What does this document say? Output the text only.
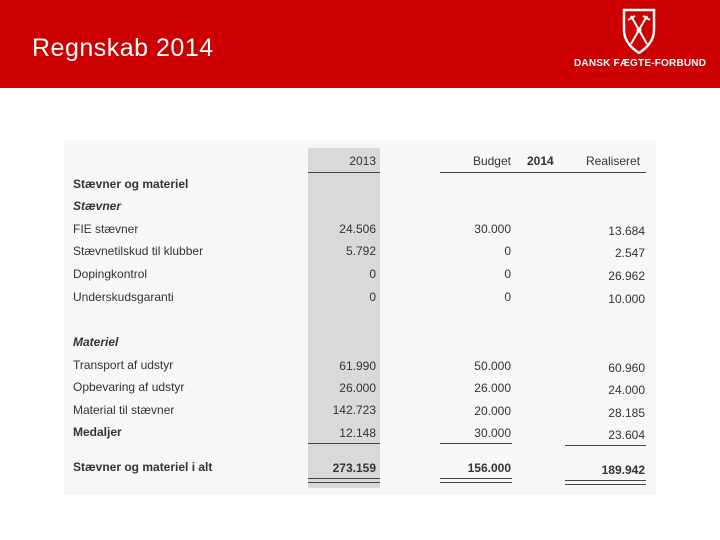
Regnskab 2014
DANSK FÆGTE-FORBUND
2013	Budget 2014	Realiseret
Stævner og materiel
Stævner
FIE stævner	24.506	30.000	13.684
Stævnetilskud til klubber	5.792	0	2.547
Dopingkontrol	0	0	26.962
Underskudsgaranti	0	0	10.000
Materiel
Transport af udstyr	61.990	50.000	60.960
Opbevaring af udstyr	26.000	26.000	24.000
Material til stævner	142.723	20.000	28.185
Medaljer	12.148	30.000	23.604
Stævner og materiel i alt	273.159	156.000	189.942
